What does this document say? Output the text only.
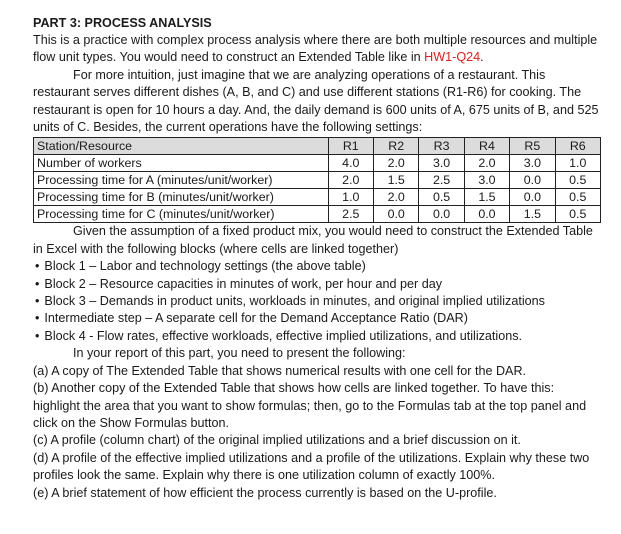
PART 3: PROCESS ANALYSIS

This is a practice with complex process analysis where there are both multiple resources and multiple flow unit types. You would need to construct an Extended Table like in HW1-Q24.

For more intuition, just imagine that we are analyzing operations of a restaurant. This restaurant serves different dishes (A, B, and C) and use different stations (R1-R6) for cooking. The restaurant is open for 10 hours a day. And, the daily demand is 600 units of A, 675 units of B, and 525 units of C. Besides, the current operations have the following settings:

Station/Resource	R1	R2	R3	R4	R5	R6
Number of workers	4.0	2.0	3.0	2.0	3.0	1.0
Processing time for A (minutes/unit/worker)	2.0	1.5	2.5	3.0	0.0	0.5
Processing time for B (minutes/unit/worker)	1.0	2.0	0.5	1.5	0.0	0.5
Processing time for C (minutes/unit/worker)	2.5	0.0	0.0	0.0	1.5	0.5

Given the assumption of a fixed product mix, you would need to construct the Extended Table in Excel with the following blocks (where cells are linked together)

• Block 1 – Labor and technology settings (the above table)
• Block 2 – Resource capacities in minutes of work, per hour and per day
• Block 3 – Demands in product units, workloads in minutes, and original implied utilizations
• Intermediate step – A separate cell for the Demand Acceptance Ratio (DAR)
• Block 4 - Flow rates, effective workloads, effective implied utilizations, and utilizations.

In your report of this part, you need to present the following:

(a) A copy of The Extended Table that shows numerical results with one cell for the DAR.

(b) Another copy of the Extended Table that shows how cells are linked together. To have this: highlight the area that you want to show formulas; then, go to the Formulas tab at the top panel and click on the Show Formulas button.

(c) A profile (column chart) of the original implied utilizations and a brief discussion on it.

(d) A profile of the effective implied utilizations and a profile of the utilizations. Explain why these two profiles look the same. Explain why there is one utilization column of exactly 100%.

(e) A brief statement of how efficient the process currently is based on the U-profile.
